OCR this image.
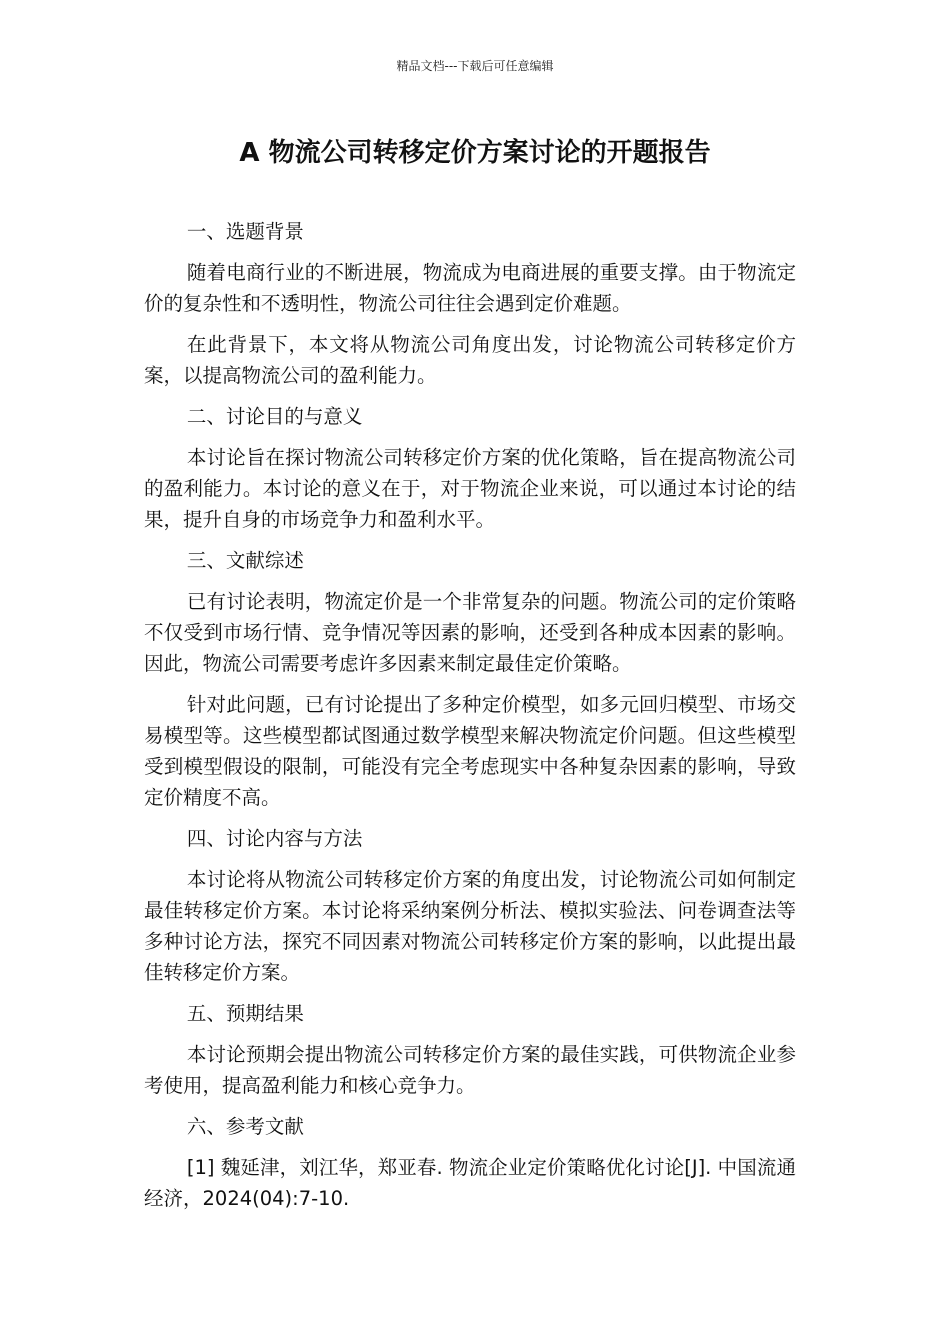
精品文档---下载后可任意编辑
A 物流公司转移定价方案讨论的开题报告
一、选题背景

随着电商行业的不断进展，物流成为电商进展的重要支撑。由于物流定价的复杂性和不透明性，物流公司往往会遇到定价难题。

在此背景下，本文将从物流公司角度出发，讨论物流公司转移定价方案，以提高物流公司的盈利能力。

二、讨论目的与意义

本讨论旨在探讨物流公司转移定价方案的优化策略，旨在提高物流公司的盈利能力。本讨论的意义在于，对于物流企业来说，可以通过本讨论的结果，提升自身的市场竞争力和盈利水平。

三、文献综述

已有讨论表明，物流定价是一个非常复杂的问题。物流公司的定价策略不仅受到市场行情、竞争情况等因素的影响，还受到各种成本因素的影响。因此，物流公司需要考虑许多因素来制定最佳定价策略。

针对此问题，已有讨论提出了多种定价模型，如多元回归模型、市场交易模型等。这些模型都试图通过数学模型来解决物流定价问题。但这些模型受到模型假设的限制，可能没有完全考虑现实中各种复杂因素的影响，导致定价精度不高。

四、讨论内容与方法

本讨论将从物流公司转移定价方案的角度出发，讨论物流公司如何制定最佳转移定价方案。本讨论将采纳案例分析法、模拟实验法、问卷调查法等多种讨论方法，探究不同因素对物流公司转移定价方案的影响，以此提出最佳转移定价方案。

五、预期结果

本讨论预期会提出物流公司转移定价方案的最佳实践，可供物流企业参考使用，提高盈利能力和核心竞争力。

六、参考文献

[1] 魏延津，刘江华，郑亚春. 物流企业定价策略优化讨论[J]. 中国流通经济，2024(04):7-10.
